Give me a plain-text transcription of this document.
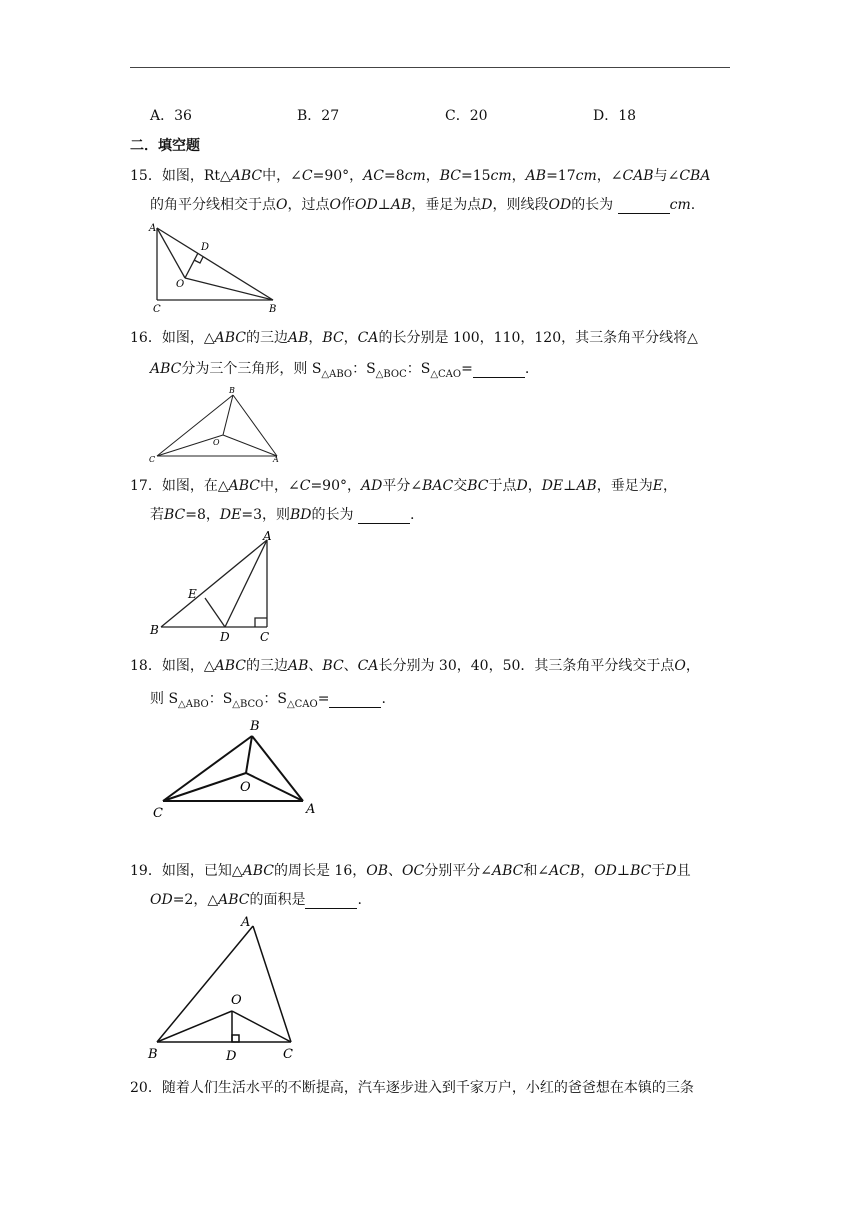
A．36	B．27	C．20	D．18
二．填空题
15．如图，Rt△ABC中，∠C=90°，AC=8cm，BC=15cm，AB=17cm，∠CAB与∠CBA
的角平分线相交于点O，过点O作OD⊥AB，垂足为点D，则线段OD的长为	cm.
A
D
O
C	B
16．如图，△ABC的三边AB，BC，CA的长分别是 100，110，120，其三条角平分线将△
ABC分为三个三角形，则 $S_{\triangle ABO}$：$S_{\triangle BOC}$：$S_{\triangle CAO}=$	.
B
O
C	A
17．如图，在△ABC中，∠C=90°，AD平分∠BAC交BC于点D，DE⊥AB，垂足为E，
若BC=8，DE=3，则BD的长为	.
A
E
B	D	C
18．如图，△ABC的三边AB、BC、CA长分别为 30，40，50．其三条角平分线交于点O，
则 $S_{\triangle ABO}$：$S_{\triangle BCO}$：$S_{\triangle CAO}=$	.
B
O
C	A
19．如图，已知△ABC的周长是 16，OB、OC分别平分∠ABC和∠ACB，OD⊥BC于D且
OD=2，△ABC的面积是	.
A
O
B	D	C
20．随着人们生活水平的不断提高，汽车逐步进入到千家万户，小红的爸爸想在本镇的三条
